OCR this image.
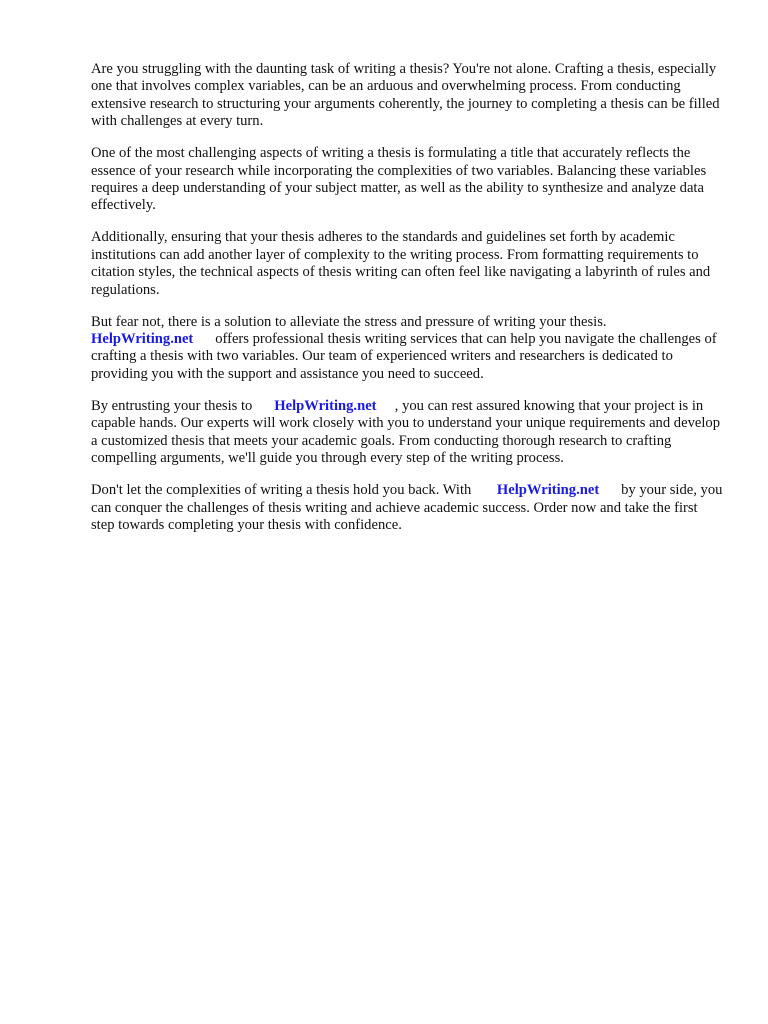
Are you struggling with the daunting task of writing a thesis? You're not alone. Crafting a thesis, especially one that involves complex variables, can be an arduous and overwhelming process. From conducting extensive research to structuring your arguments coherently, the journey to completing a thesis can be filled with challenges at every turn.

One of the most challenging aspects of writing a thesis is formulating a title that accurately reflects the essence of your research while incorporating the complexities of two variables. Balancing these variables requires a deep understanding of your subject matter, as well as the ability to synthesize and analyze data effectively.

Additionally, ensuring that your thesis adheres to the standards and guidelines set forth by academic institutions can add another layer of complexity to the writing process. From formatting requirements to citation styles, the technical aspects of thesis writing can often feel like navigating a labyrinth of rules and regulations.

But fear not, there is a solution to alleviate the stress and pressure of writing your thesis.
HelpWriting.net offers professional thesis writing services that can help you navigate the challenges of crafting a thesis with two variables. Our team of experienced writers and researchers is dedicated to providing you with the support and assistance you need to succeed.

By entrusting your thesis to HelpWriting.net , you can rest assured knowing that your project is in capable hands. Our experts will work closely with you to understand your unique requirements and develop a customized thesis that meets your academic goals. From conducting thorough research to crafting compelling arguments, we'll guide you through every step of the writing process.

Don't let the complexities of writing a thesis hold you back. With HelpWriting.net by your side, you can conquer the challenges of thesis writing and achieve academic success. Order now and take the first step towards completing your thesis with confidence.
